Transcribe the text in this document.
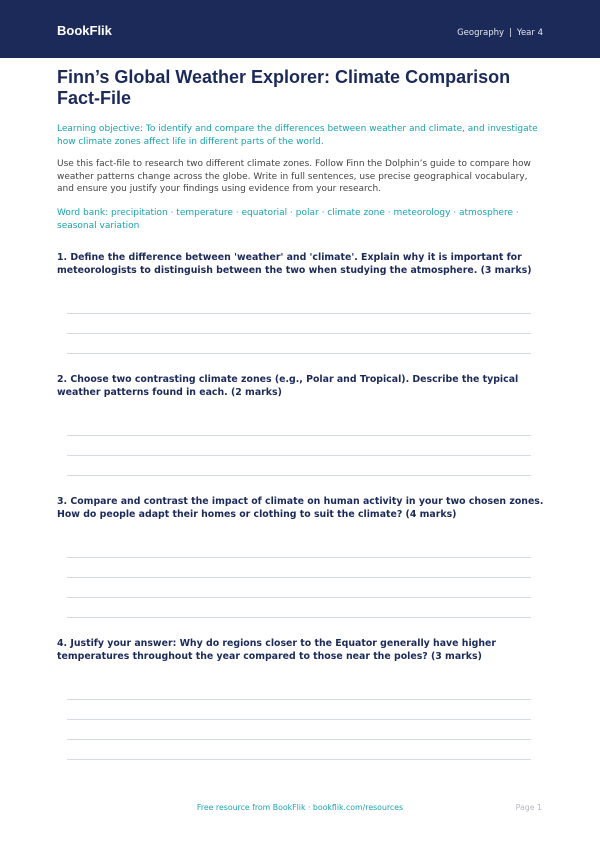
BookFlik	Geography | Year 4
Finn’s Global Weather Explorer: Climate Comparison Fact-File
Learning objective: To identify and compare the differences between weather and climate, and investigate how climate zones affect life in different parts of the world.
Use this fact-file to research two different climate zones. Follow Finn the Dolphin’s guide to compare how weather patterns change across the globe. Write in full sentences, use precise geographical vocabulary, and ensure you justify your findings using evidence from your research.
Word bank: precipitation · temperature · equatorial · polar · climate zone · meteorology · atmosphere · seasonal variation
1. Define the difference between 'weather' and 'climate'. Explain why it is important for meteorologists to distinguish between the two when studying the atmosphere. (3 marks)
2. Choose two contrasting climate zones (e.g., Polar and Tropical). Describe the typical weather patterns found in each. (2 marks)
3. Compare and contrast the impact of climate on human activity in your two chosen zones. How do people adapt their homes or clothing to suit the climate? (4 marks)
4. Justify your answer: Why do regions closer to the Equator generally have higher temperatures throughout the year compared to those near the poles? (3 marks)
Free resource from BookFlik · bookflik.com/resources	Page 1
